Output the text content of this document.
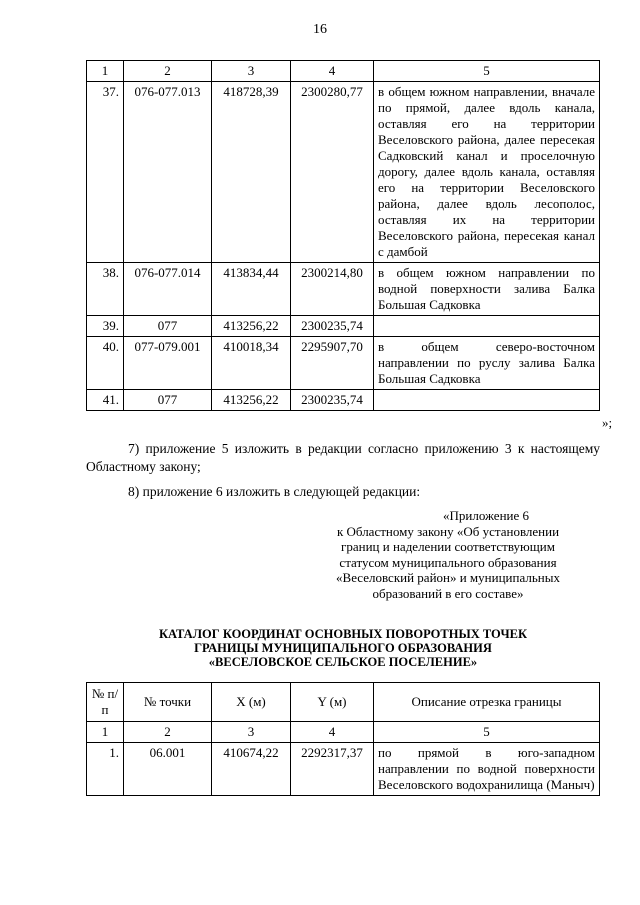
16
1	2	3	4	5
37.	076-077.013	418728,39	2300280,77	в общем южном направлении, вначале по прямой, далее вдоль канала, оставляя его на территории Веселовского района, далее пересекая Садковский канал и проселочную дорогу, далее вдоль канала, оставляя его на территории Веселовского района, далее вдоль лесополос, оставляя их на территории Веселовского района, пересекая канал с дамбой
38.	076-077.014	413834,44	2300214,80	в общем южном направлении по водной поверхности залива Балка Большая Садковка
39.	077	413256,22	2300235,74	
40.	077-079.001	410018,34	2295907,70	в общем северо-восточном направлении по руслу залива Балка Большая Садковка
41.	077	413256,22	2300235,74	
»;

7) приложение 5 изложить в редакции согласно приложению 3 к настоящему Областному закону;

8) приложение 6 изложить в следующей редакции:

«Приложение 6
к Областному закону «Об установлении
границ и наделении соответствующим
статусом муниципального образования
«Веселовский район» и муниципальных
образований в его составе»
КАТАЛОГ КООРДИНАТ ОСНОВНЫХ ПОВОРОТНЫХ ТОЧЕК
ГРАНИЦЫ МУНИЦИПАЛЬНОГО ОБРАЗОВАНИЯ
«ВЕСЕЛОВСКОЕ СЕЛЬСКОЕ ПОСЕЛЕНИЕ»
№ п/п	№ точки	X (м)	Y (м)	Описание отрезка границы
1	2	3	4	5
1.	06.001	410674,22	2292317,37	по прямой в юго-западном направлении по водной поверхности Веселовского водохранилища (Маныч)
